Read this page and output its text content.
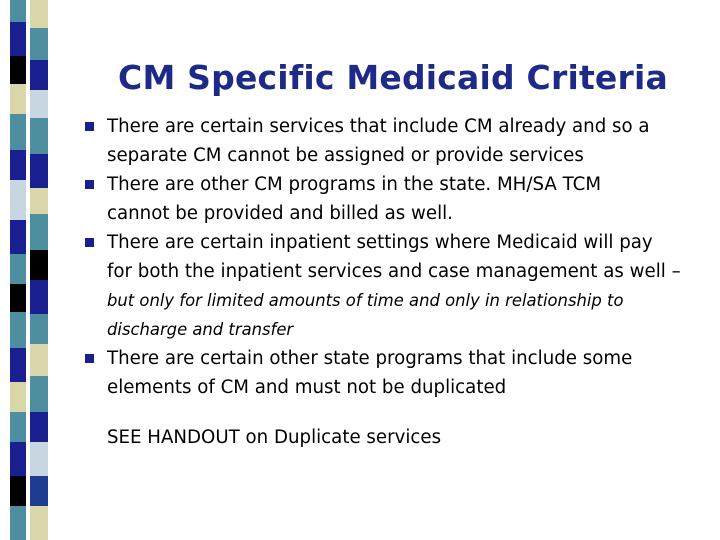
CM Specific Medicaid Criteria
There are certain services that include CM already and so a
separate CM cannot be assigned or provide services
There are other CM programs in the state. MH/SA TCM
cannot be provided and billed as well.
There are certain inpatient settings where Medicaid will pay
for both the inpatient services and case management as well –
but only for limited amounts of time and only in relationship to
discharge and transfer
There are certain other state programs that include some
elements of CM and must not be duplicated
SEE HANDOUT on Duplicate services
